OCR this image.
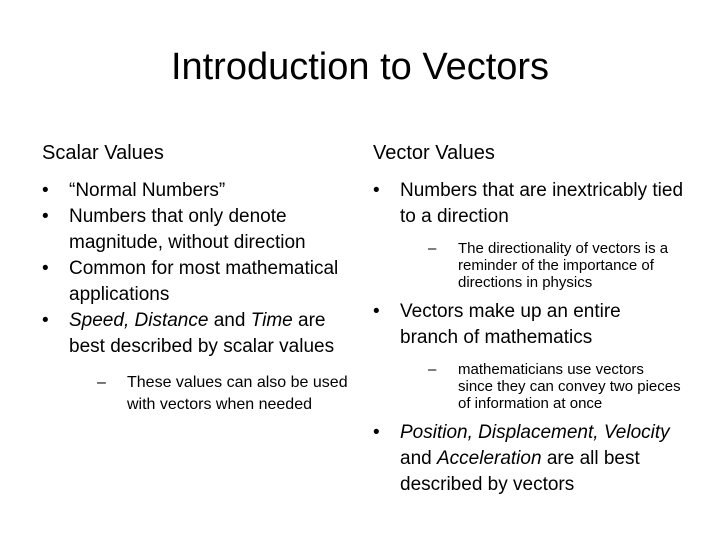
Introduction to Vectors
Scalar Values
•	“Normal Numbers”
•	Numbers that only denote magnitude, without direction
•	Common for most mathematical applications
•	Speed, Distance and Time are best described by scalar values
–	These values can also be used with vectors when needed
Vector Values
•	Numbers that are inextricably tied to a direction
–	The directionality of vectors is a reminder of the importance of directions in physics
•	Vectors make up an entire branch of mathematics
–	mathematicians use vectors since they can convey two pieces of information at once
•	Position, Displacement, Velocity and Acceleration are all best described by vectors
